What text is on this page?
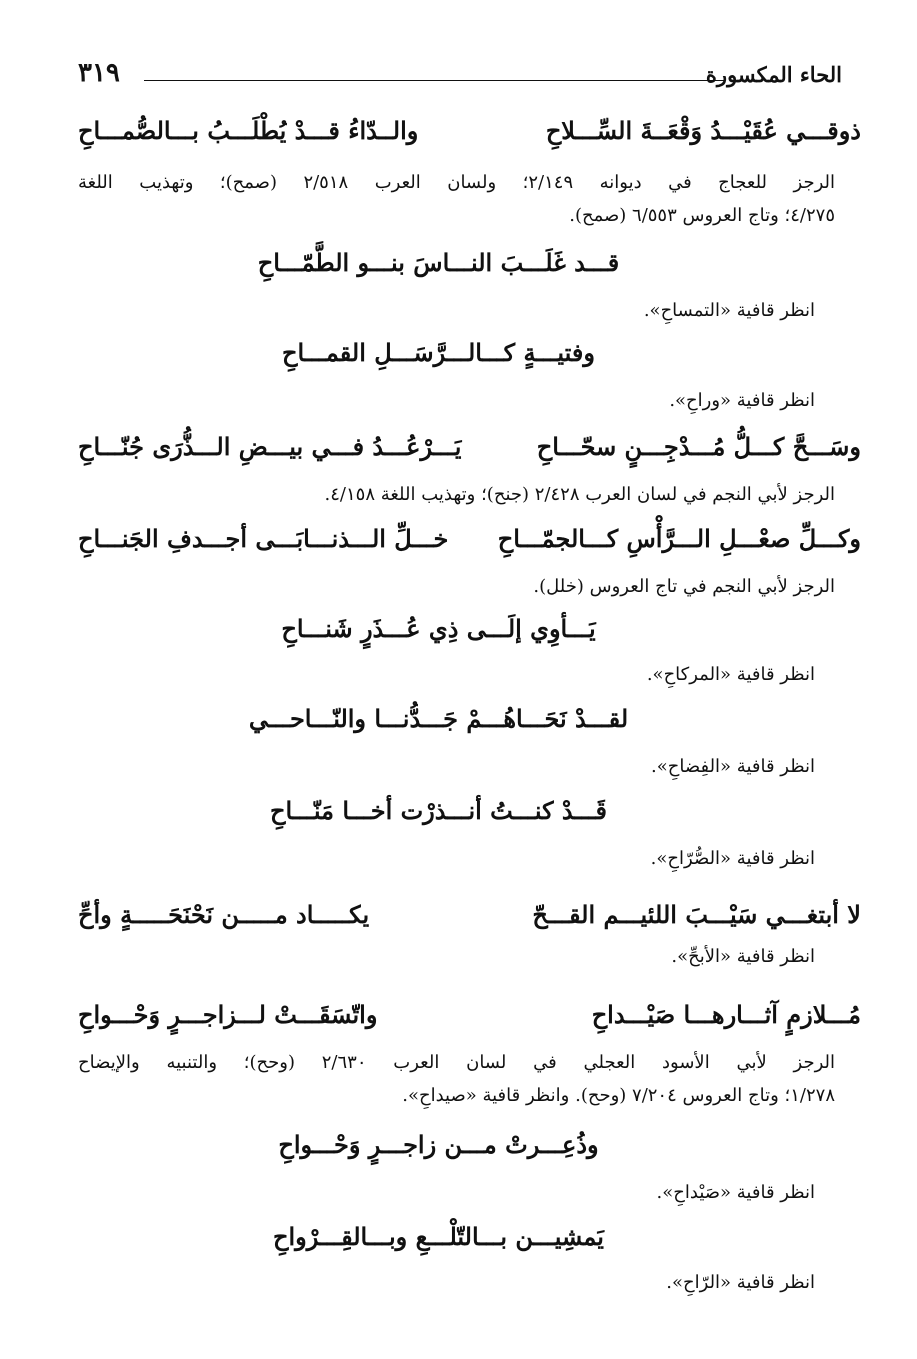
الحاء المكسورة
٣١٩
ذوقـــي عُقَيْـــدُ وَقْعَــةَ السِّـــلاحِ
والــدّاءُ قـــدْ يُطْلَـــبُ بـــالصُّمـــاحِ
الرجز للعجاج في ديوانه ٢/١٤٩؛ ولسان العرب ٢/٥١٨ (صمح)؛ وتهذيب اللغة
٤/٢٧٥؛ وتاج العروس ٦/٥٥٣ (صمح).
قـــد غَلَـــبَ النـــاسَ بنـــو الطَّمّـــاحِ
انظر قافية «التمساحِ».
وفتيـــةٍ كـــالـــرَّسَـــلِ القمـــاحِ
انظر قافية «وراحِ».
وسَـــحَّ كـــلُّ مُـــدْجِـــنٍ سحّـــاحِ
يَـــرْعُـــدُ فـــي بيـــضِ الـــذُّرَى جُنّـــاحِ
الرجز لأبي النجم في لسان العرب ٢/٤٢٨ (جنح)؛ وتهذيب اللغة ٤/١٥٨.
وكـــلِّ صعْـــلِ الـــرَّأْسِ كـــالجمّـــاحِ
خـــلِّ الـــذنـــابَـــى أجـــدفِ الجَنـــاحِ
الرجز لأبي النجم في تاج العروس (خلل).
يَـــأوِي إلَـــى ذِي عُـــذَرٍ شَنـــاحِ
انظر قافية «المركاحِ».
لقـــدْ نَحَـــاهُـــمْ جَـــدُّنـــا والنّـــاحـــي
انظر قافية «الفِضاحِ».
قَـــدْ كنـــتُ أنـــذرْت أخـــا مَنّـــاحِ
انظر قافية «الصُّرّاحِ».
لا أبتغـــي سَيْـــبَ اللئيـــم القـــحّ
يكـــــاد مـــــن نَحْنَحَـــــةٍ وأحِّ
انظر قافية «الأبحِّ».
مُـــلازمٍ آثـــارهـــا صَيْـــداحِ
واتّسَقَـــتْ لـــزاجـــرٍ وَحْـــواحِ
الرجز لأبي الأسود العجلي في لسان العرب ٢/٦٣٠ (وحح)؛ والتنبيه والإيضاح
١/٢٧٨؛ وتاج العروس ٧/٢٠٤ (وحح). وانظر قافية «صيداحِ».
وذُعِـــرتْ مـــن زاجـــرٍ وَحْـــواحِ
انظر قافية «صَيْداحِ».
يَمشِيـــن بـــالتّلْـــعِ وبـــالقِـــرْواحِ
انظر قافية «الرّاحِ».
